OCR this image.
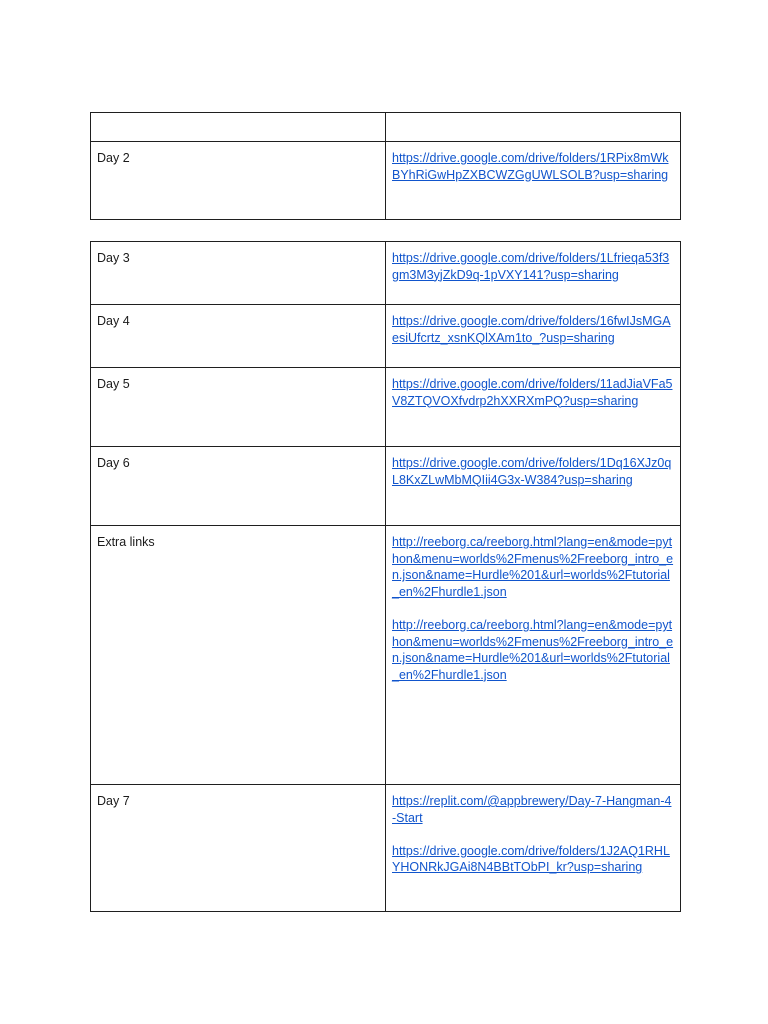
Day 2	https://drive.google.com/drive/folders/1RPix8mWkBYhRiGwHpZXBCWZGgUWLSOLB?usp=sharing
Day 3	https://drive.google.com/drive/folders/1Lfrieqa53f3gm3M3yjZkD9q-1pVXY141?usp=sharing

Day 4	https://drive.google.com/drive/folders/16fwIJsMGAesiUfcrtz_xsnKQlXAm1to_?usp=sharing

Day 5	https://drive.google.com/drive/folders/11adJiaVFa5V8ZTQVOXfvdrp2hXXRXmPQ?usp=sharing

Day 6	https://drive.google.com/drive/folders/1Dq16XJz0qL8KxZLwMbMQIii4G3x-W384?usp=sharing

Extra links	http://reeborg.ca/reeborg.html?lang=en&mode=python&menu=worlds%2Fmenus%2Freeborg_intro_en.json&name=Hurdle%201&url=worlds%2Ftutorial_en%2Fhurdle1.json
http://reeborg.ca/reeborg.html?lang=en&mode=python&menu=worlds%2Fmenus%2Freeborg_intro_en.json&name=Hurdle%201&url=worlds%2Ftutorial_en%2Fhurdle1.json

Day 7	https://replit.com/@appbrewery/Day-7-Hangman-4-Start
https://drive.google.com/drive/folders/1J2AQ1RHLYHONRkJGAi8N4BBtTObPI_kr?usp=sharing
